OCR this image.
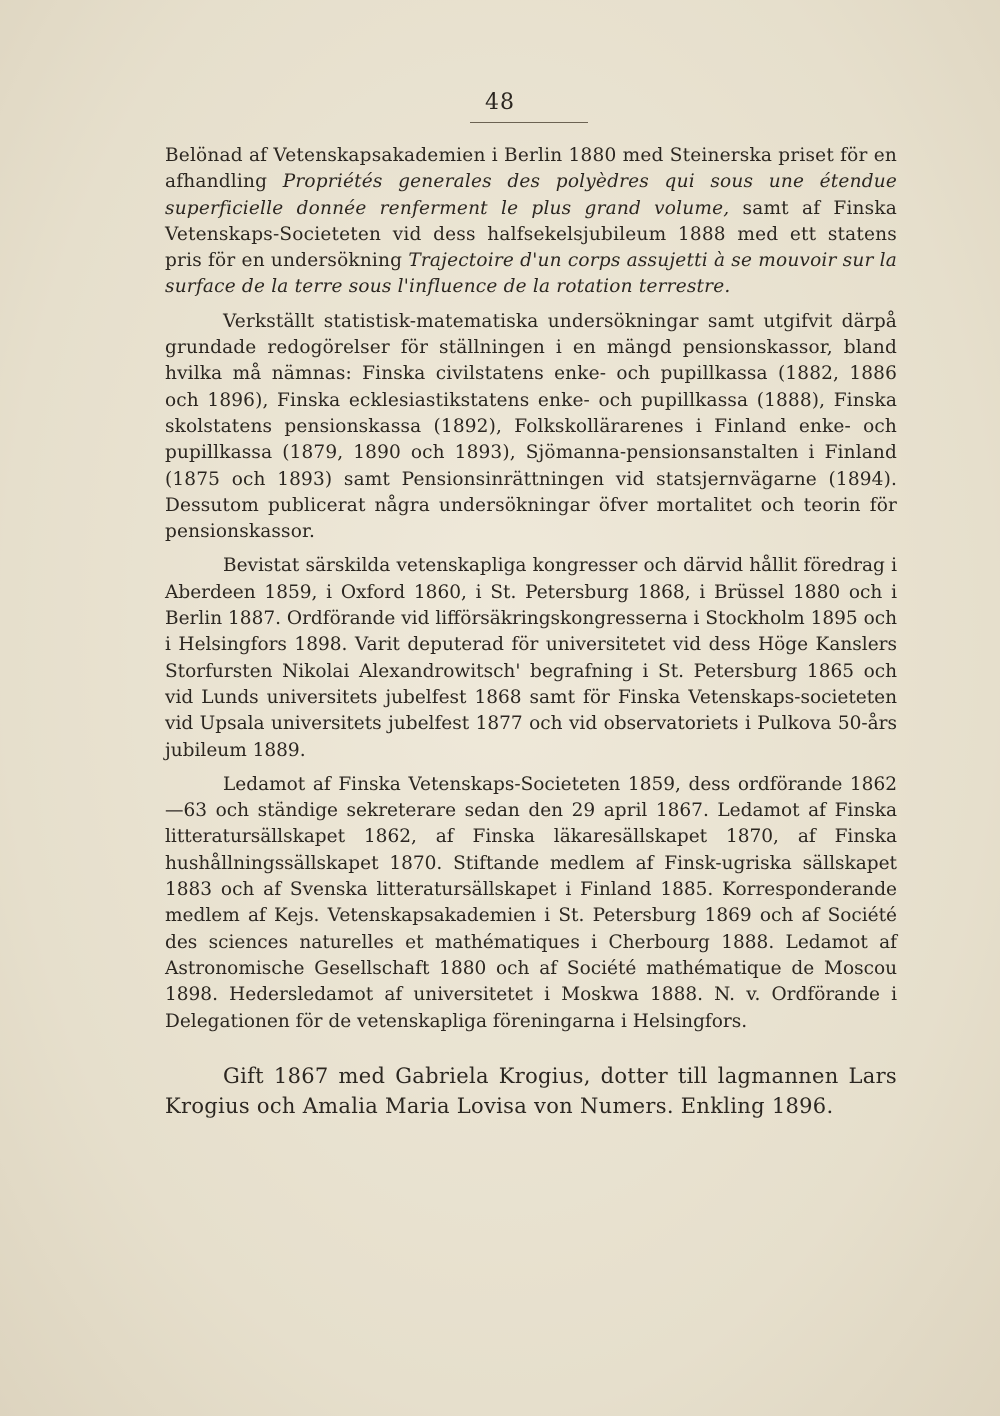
48

Belönad af Vetenskapsakademien i Berlin 1880 med Steinerska priset för en afhandling Propriétés generales des polyèdres qui sous une étendue superficielle donnée renferment le plus grand volume, samt af Finska Vetenskaps-Societeten vid dess halfsekelsjubileum 1888 med ett statens pris för en undersökning Trajectoire d'un corps assujetti à se mouvoir sur la surface de la terre sous l'influence de la rotation terrestre.

Verkställt statistisk-matematiska undersökningar samt utgifvit därpå grundade redogörelser för ställningen i en mängd pensionskassor, bland hvilka må nämnas: Finska civilstatens enke- och pupillkassa (1882, 1886 och 1896), Finska ecklesiastikstatens enke- och pupillkassa (1888), Finska skolstatens pensionskassa (1892), Folkskollärarenes i Finland enke- och pupillkassa (1879, 1890 och 1893), Sjömanna-pensionsanstalten i Finland (1875 och 1893) samt Pensionsinrättningen vid statsjernvägarne (1894). Dessutom publicerat några undersökningar öfver mortalitet och teorin för pensionskassor.

Bevistat särskilda vetenskapliga kongresser och därvid hållit föredrag i Aberdeen 1859, i Oxford 1860, i St. Petersburg 1868, i Brüssel 1880 och i Berlin 1887. Ordförande vid lifförsäkringskongresserna i Stockholm 1895 och i Helsingfors 1898. Varit deputerad för universitetet vid dess Höge Kanslers Storfursten Nikolai Alexandrowitsch' begrafning i St. Petersburg 1865 och vid Lunds universitets jubelfest 1868 samt för Finska Vetenskaps-societeten vid Upsala universitets jubelfest 1877 och vid observatoriets i Pulkova 50-års jubileum 1889.

Ledamot af Finska Vetenskaps-Societeten 1859, dess ordförande 1862—63 och ständige sekreterare sedan den 29 april 1867. Ledamot af Finska litteratursällskapet 1862, af Finska läkaresällskapet 1870, af Finska hushållningssällskapet 1870. Stiftande medlem af Finsk-ugriska sällskapet 1883 och af Svenska litteratursällskapet i Finland 1885. Korresponderande medlem af Kejs. Vetenskapsakademien i St. Petersburg 1869 och af Société des sciences naturelles et mathématiques i Cherbourg 1888. Ledamot af Astronomische Gesellschaft 1880 och af Société mathématique de Moscou 1898. Hedersledamot af universitetet i Moskwa 1888. N. v. Ordförande i Delegationen för de vetenskapliga föreningarna i Helsingfors.

Gift 1867 med Gabriela Krogius, dotter till lagmannen Lars Krogius och Amalia Maria Lovisa von Numers. Enkling 1896.
